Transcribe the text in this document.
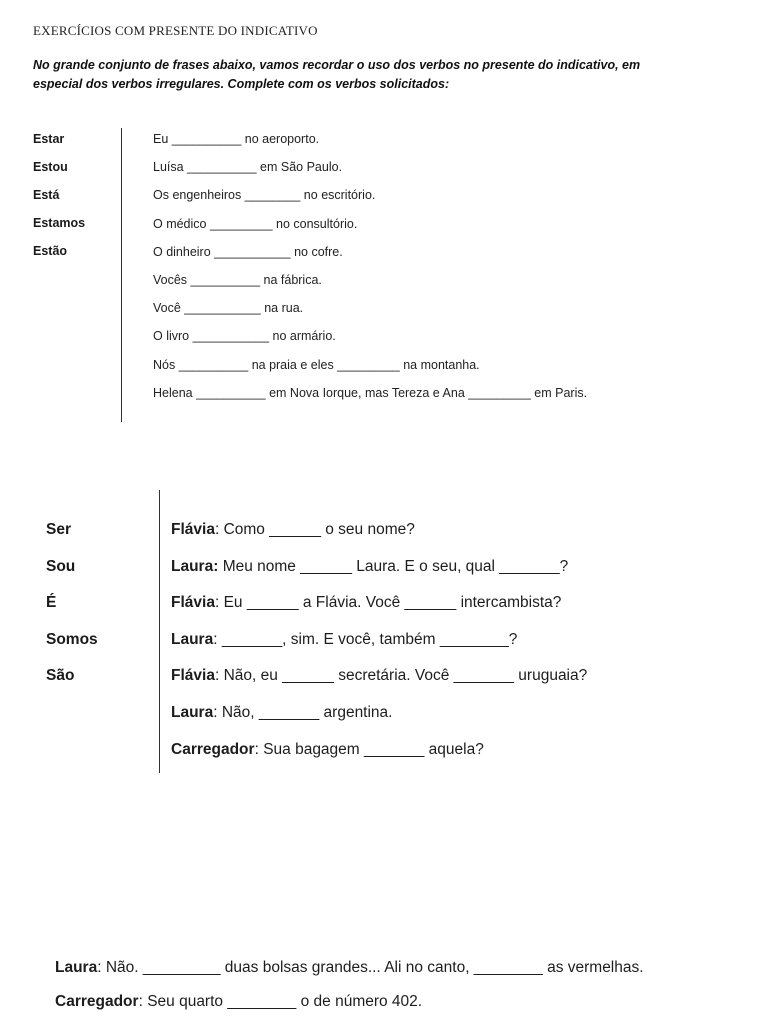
EXERCÍCIOS COM PRESENTE DO INDICATIVO
No grande conjunto de frases abaixo, vamos recordar o uso dos verbos no presente do indicativo, em
especial dos verbos irregulares. Complete com os verbos solicitados:
Estar
Estou
Está
Estamos
Estão
Eu __________ no aeroporto.
Luísa __________ em São Paulo.
Os engenheiros ________ no escritório.
O médico _________ no consultório.
O dinheiro ___________ no cofre.
Vocês __________ na fábrica.
Você ___________ na rua.
O livro ___________ no armário.
Nós __________ na praia e eles _________ na montanha.
Helena __________ em Nova Iorque, mas Tereza e Ana _________ em Paris.
Ser
Sou
É
Somos
São
Flávia: Como ______ o seu nome?
Laura: Meu nome ______ Laura. E o seu, qual _______?
Flávia: Eu ______ a Flávia. Você ______ intercambista?
Laura: _______, sim. E você, também ________?
Flávia: Não, eu ______ secretária. Você _______ uruguaia?
Laura: Não, _______ argentina.
Carregador: Sua bagagem _______ aquela?
Laura: Não. _________ duas bolsas grandes... Ali no canto, ________ as vermelhas.
Carregador: Seu quarto ________ o de número 402.
